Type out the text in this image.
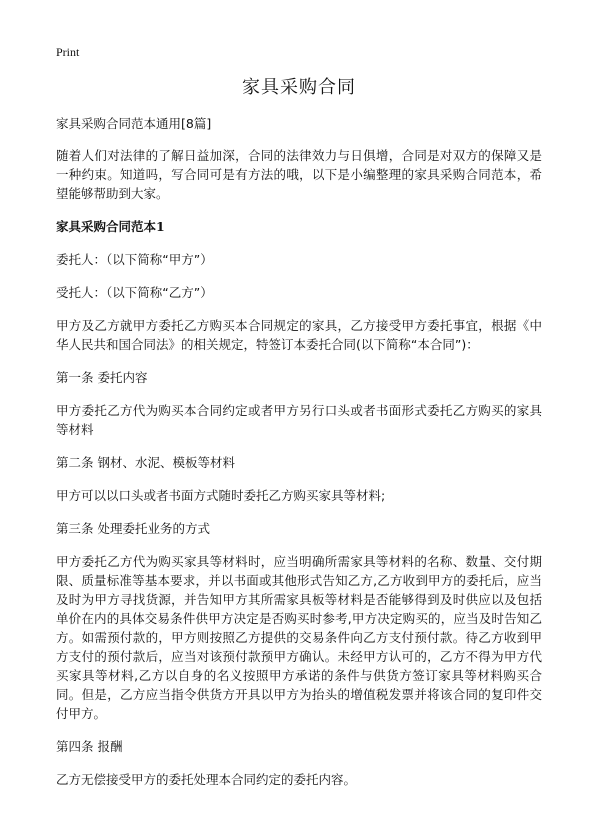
Print
家具采购合同
家具采购合同范本通用[8篇]

随着人们对法律的了解日益加深，合同的法律效力与日俱增，合同是对双方的保障又是一种约束。知道吗，写合同可是有方法的哦，以下是小编整理的家具采购合同范本，希望能够帮助到大家。

家具采购合同范本1

委托人：（以下简称“甲方”）

受托人：（以下简称“乙方”）

甲方及乙方就甲方委托乙方购买本合同规定的家具，乙方接受甲方委托事宜，根据《中华人民共和国合同法》的相关规定，特签订本委托合同(以下简称“本合同”)：

第一条 委托内容

甲方委托乙方代为购买本合同约定或者甲方另行口头或者书面形式委托乙方购买的家具等材料

第二条 钢材、水泥、模板等材料

甲方可以以口头或者书面方式随时委托乙方购买家具等材料;

第三条 处理委托业务的方式

甲方委托乙方代为购买家具等材料时，应当明确所需家具等材料的名称、数量、交付期限、质量标准等基本要求，并以书面或其他形式告知乙方,乙方收到甲方的委托后，应当及时为甲方寻找货源，并告知甲方其所需家具板等材料是否能够得到及时供应以及包括单价在内的具体交易条件供甲方决定是否购买时参考,甲方决定购买的，应当及时告知乙方。如需预付款的，甲方则按照乙方提供的交易条件向乙方支付预付款。待乙方收到甲方支付的预付款后，应当对该预付款预甲方确认。未经甲方认可的，乙方不得为甲方代买家具等材料,乙方以自身的名义按照甲方承诺的条件与供货方签订家具等材料购买合同。但是，乙方应当指令供货方开具以甲方为抬头的增值税发票并将该合同的复印件交付甲方。

第四条 报酬

乙方无偿接受甲方的委托处理本合同约定的委托内容。
